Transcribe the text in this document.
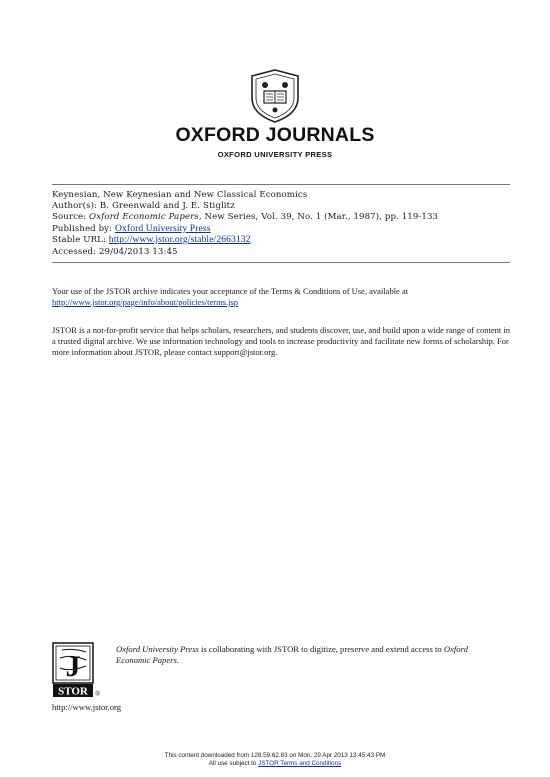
OXFORD JOURNALS
OXFORD UNIVERSITY PRESS
Keynesian, New Keynesian and New Classical Economics
Author(s): B. Greenwald and J. E. Stiglitz
Source: Oxford Economic Papers, New Series, Vol. 39, No. 1 (Mar., 1987), pp. 119-133
Published by: Oxford University Press
Stable URL: http://www.jstor.org/stable/2663132
Accessed: 29/04/2013 13:45
Your use of the JSTOR archive indicates your acceptance of the Terms & Conditions of Use, available at
http://www.jstor.org/page/info/about/policies/terms.jsp
JSTOR is a not-for-profit service that helps scholars, researchers, and students discover, use, and build upon a wide range of content in a trusted digital archive. We use information technology and tools to increase productivity and facilitate new forms of scholarship. For more information about JSTOR, please contact support@jstor.org.
J
STOR ®
Oxford University Press is collaborating with JSTOR to digitize, preserve and extend access to Oxford Economic Papers.
http://www.jstor.org
This content downloaded from 128.59.62.83 on Mon, 29 Apr 2013 13:45:43 PM
All use subject to JSTOR Terms and Conditions
